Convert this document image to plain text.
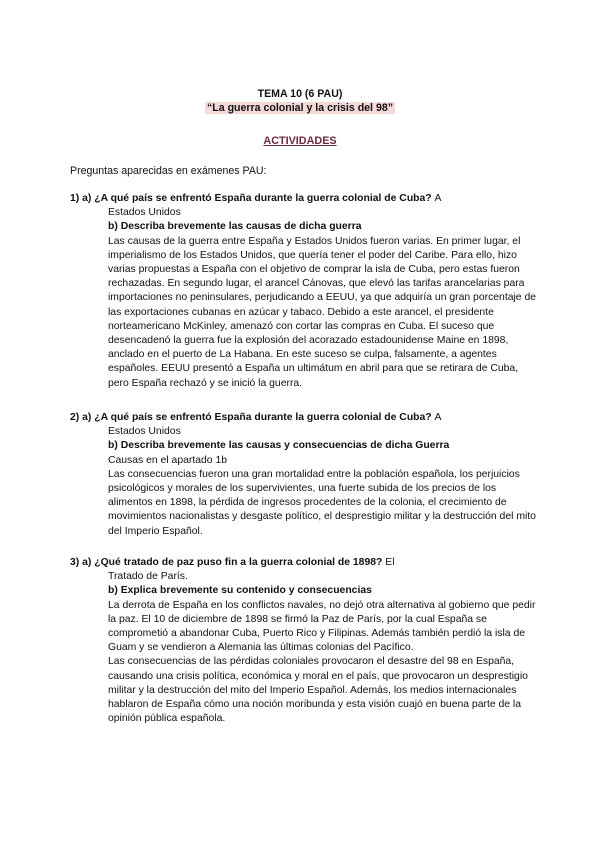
TEMA 10 (6 PAU)
“La guerra colonial y la crisis del 98”
ACTIVIDADES
Preguntas aparecidas en exámenes PAU:
1) a) ¿A qué país se enfrentó España durante la guerra colonial de Cuba? A
Estados Unidos
b) Describa brevemente las causas de dicha guerra
Las causas de la guerra entre España y Estados Unidos fueron varias. En primer lugar, el imperialismo de los Estados Unidos, que quería tener el poder del Caribe. Para ello, hizo varias propuestas a España con el objetivo de comprar la isla de Cuba, pero estas fueron rechazadas. En segundo lugar, el arancel Cánovas, que elevó las tarifas arancelarias para importaciones no peninsulares, perjudicando a EEUU, ya que adquiría un gran porcentaje de las exportaciones cubanas en azúcar y tabaco. Debido a este arancel, el presidente norteamericano McKinley, amenazó con cortar las compras en Cuba. El suceso que desencadenó la guerra fue la explosión del acorazado estadounidense Maine en 1898, anclado en el puerto de La Habana. En este suceso se culpa, falsamente, a agentes españoles. EEUU presentó a España un ultimátum en abril para que se retirara de Cuba, pero España rechazó y se inició la guerra.
2) a) ¿A qué país se enfrentó España durante la guerra colonial de Cuba? A
Estados Unidos
b) Describa brevemente las causas y consecuencias de dicha Guerra
Causas en el apartado 1b
Las consecuencias fueron una gran mortalidad entre la población española, los perjuicios psicológicos y morales de los supervivientes, una fuerte subida de los precios de los alimentos en 1898, la pérdida de ingresos procedentes de la colonia, el crecimiento de movimientos nacionalistas y desgaste político, el desprestigio militar y la destrucción del mito del Imperio Español.
3) a) ¿Qué tratado de paz puso fin a la guerra colonial de 1898? El
Tratado de París.
b) Explica brevemente su contenido y consecuencias
La derrota de España en los conflictos navales, no dejó otra alternativa al gobierno que pedir la paz. El 10 de diciembre de 1898 se firmó la Paz de París, por la cual España se comprometió a abandonar Cuba, Puerto Rico y Filipinas. Además también perdió la isla de Guam y se vendieron a Alemania las últimas colonias del Pacífico.
Las consecuencias de las pérdidas coloniales provocaron el desastre del 98 en España, causando una crisis política, económica y moral en el país, que provocaron un desprestigio militar y la destrucción del mito del Imperio Español. Además, los medios internacionales hablaron de España cómo una noción moribunda y esta visión cuajó en buena parte de la opinión pública española.
